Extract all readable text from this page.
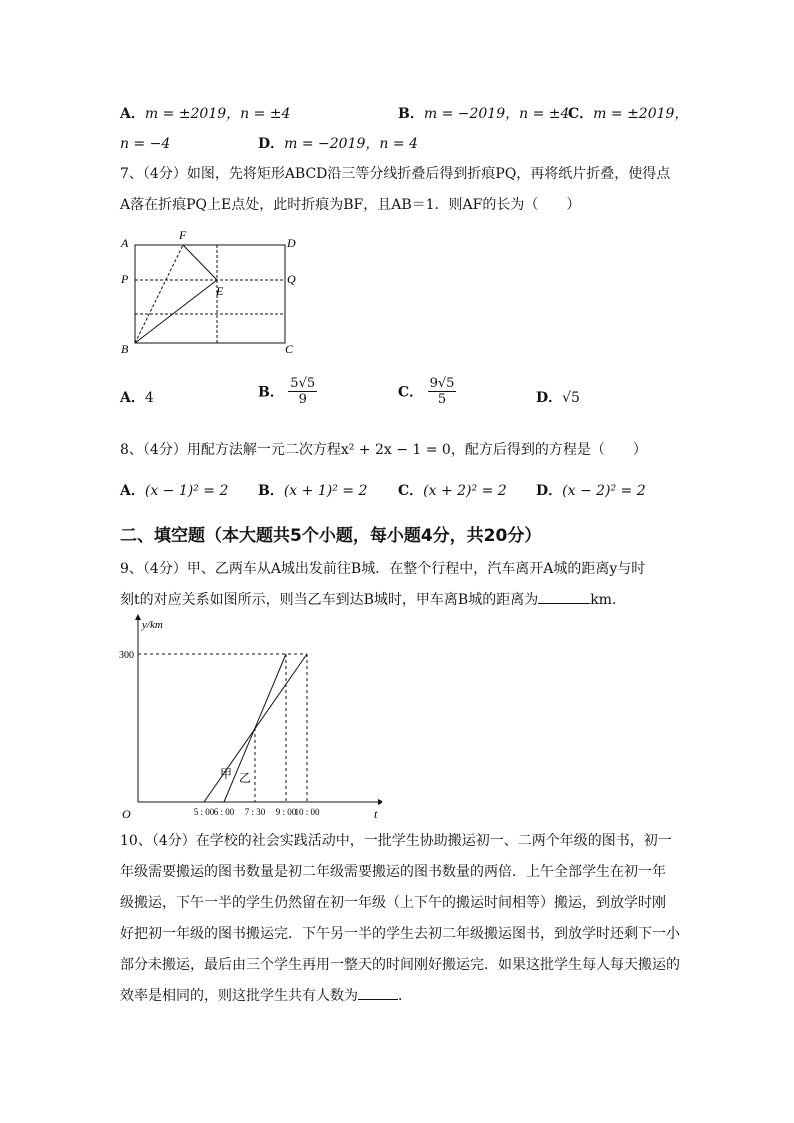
A．m = ±2019，n = ±4	B．m = −2019，n = ±4
C．m = ±2019，
n = −4	D．m = −2019，n = 4
7、（4分）如图，先将矩形ABCD沿三等分线折叠后得到折痕PQ，再将纸片折叠，使得点
A落在折痕PQ上E点处，此时折痕为BF，且AB＝1．则AF的长为（　　）
A
F
D
P	Q
E
B	C
A．4	B． $\frac{5√5}{9}$	C． $\frac{9√5}{5}$	D．√5
8、（4分）用配方法解一元二次方程x² + 2x − 1 = 0，配方后得到的方程是（　　）
A．(x − 1)² = 2 B．(x + 1)² = 2 C．(x + 2)² = 2 D．(x − 2)² = 2
二、填空题（本大题共5个小题，每小题4分，共20分）
9、（4分）甲、乙两车从A城出发前往B城．在整个行程中，汽车离开A城的距离y与时
刻t的对应关系如图所示，则当乙车到达B城时，甲车离B城的距离为	km．
y/km
t
O
300
5 : 00 6 : 00 7 : 30 9 : 00
10 : 00
甲 乙
10、（4分）在学校的社会实践活动中，一批学生协助搬运初一、二两个年级的图书，初一
年级需要搬运的图书数量是初二年级需要搬运的图书数量的两倍．上午全部学生在初一年
级搬运，下午一半的学生仍然留在初一年级（上下午的搬运时间相等）搬运，到放学时刚
好把初一年级的图书搬运完．下午另一半的学生去初二年级搬运图书，到放学时还剩下一小
部分未搬运，最后由三个学生再用一整天的时间刚好搬运完．如果这批学生每人每天搬运的
效率是相同的，则这批学生共有人数为	．
